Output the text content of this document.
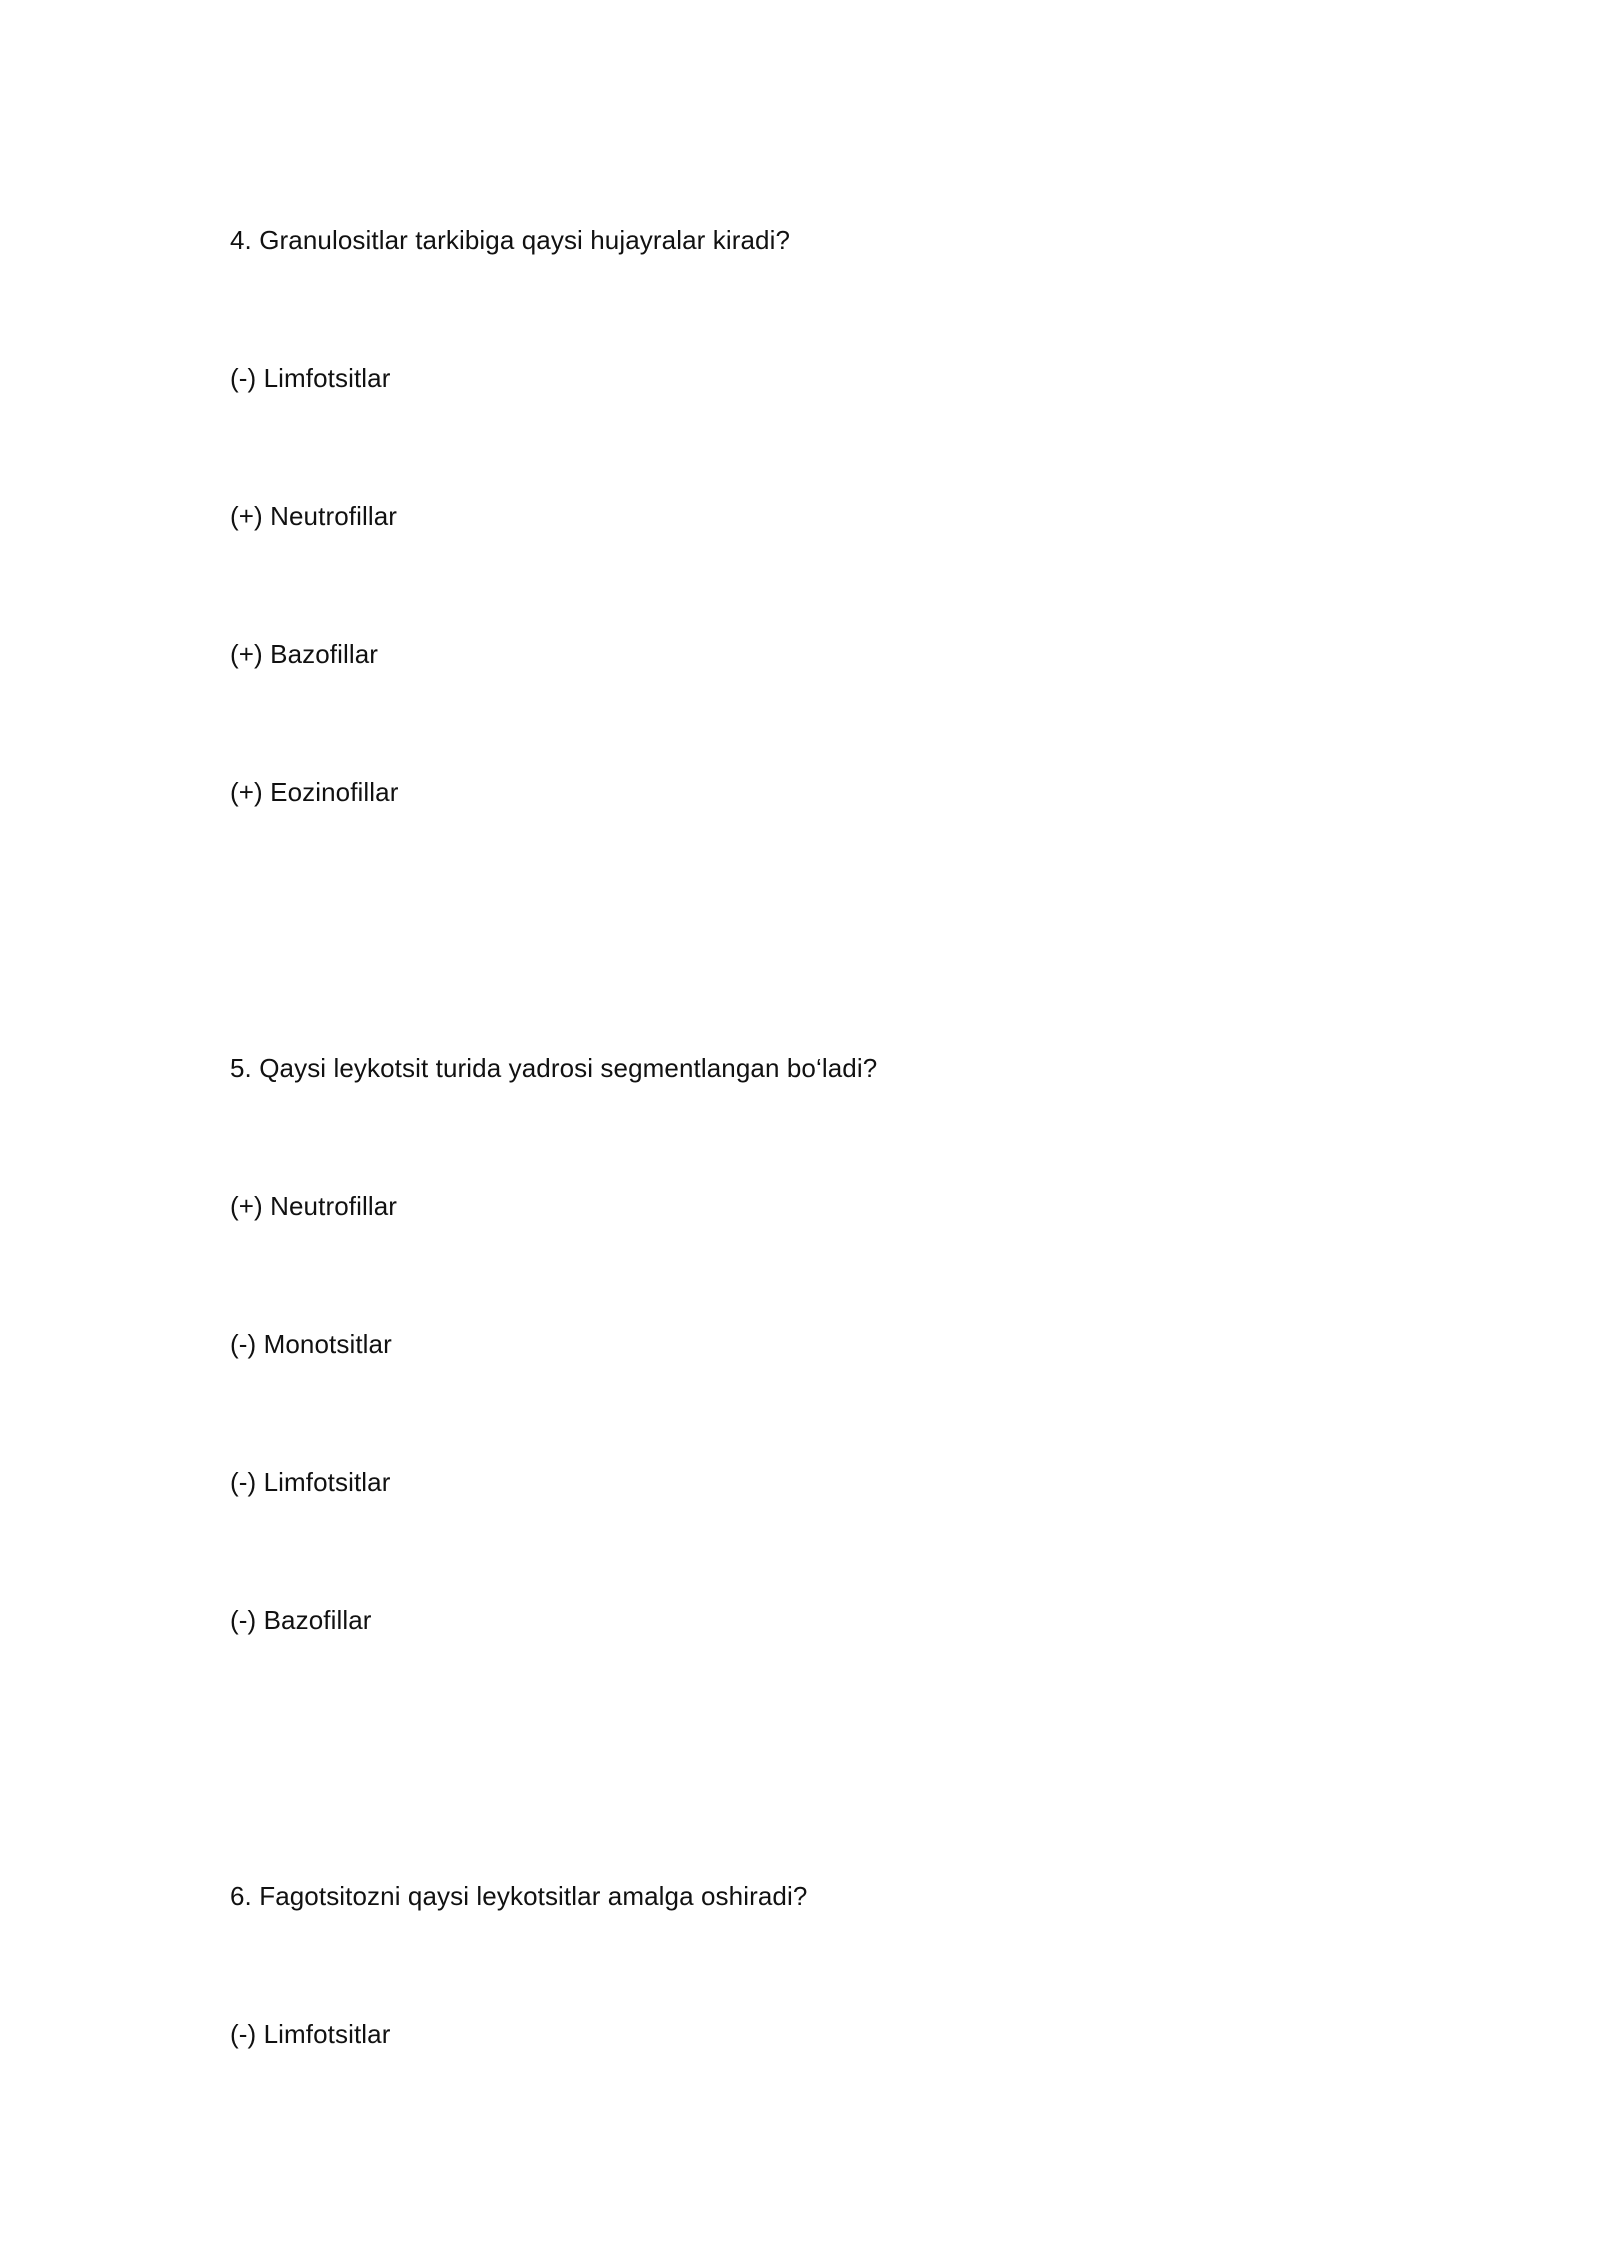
4. Granulositlar tarkibiga qaysi hujayralar kiradi?
(-) Limfotsitlar
(+) Neutrofillar
(+) Bazofillar
(+) Eozinofillar
5. Qaysi leykotsit turida yadrosi segmentlangan bo‘ladi?
(+) Neutrofillar
(-) Monotsitlar
(-) Limfotsitlar
(-) Bazofillar
6. Fagotsitozni qaysi leykotsitlar amalga oshiradi?
(-) Limfotsitlar
